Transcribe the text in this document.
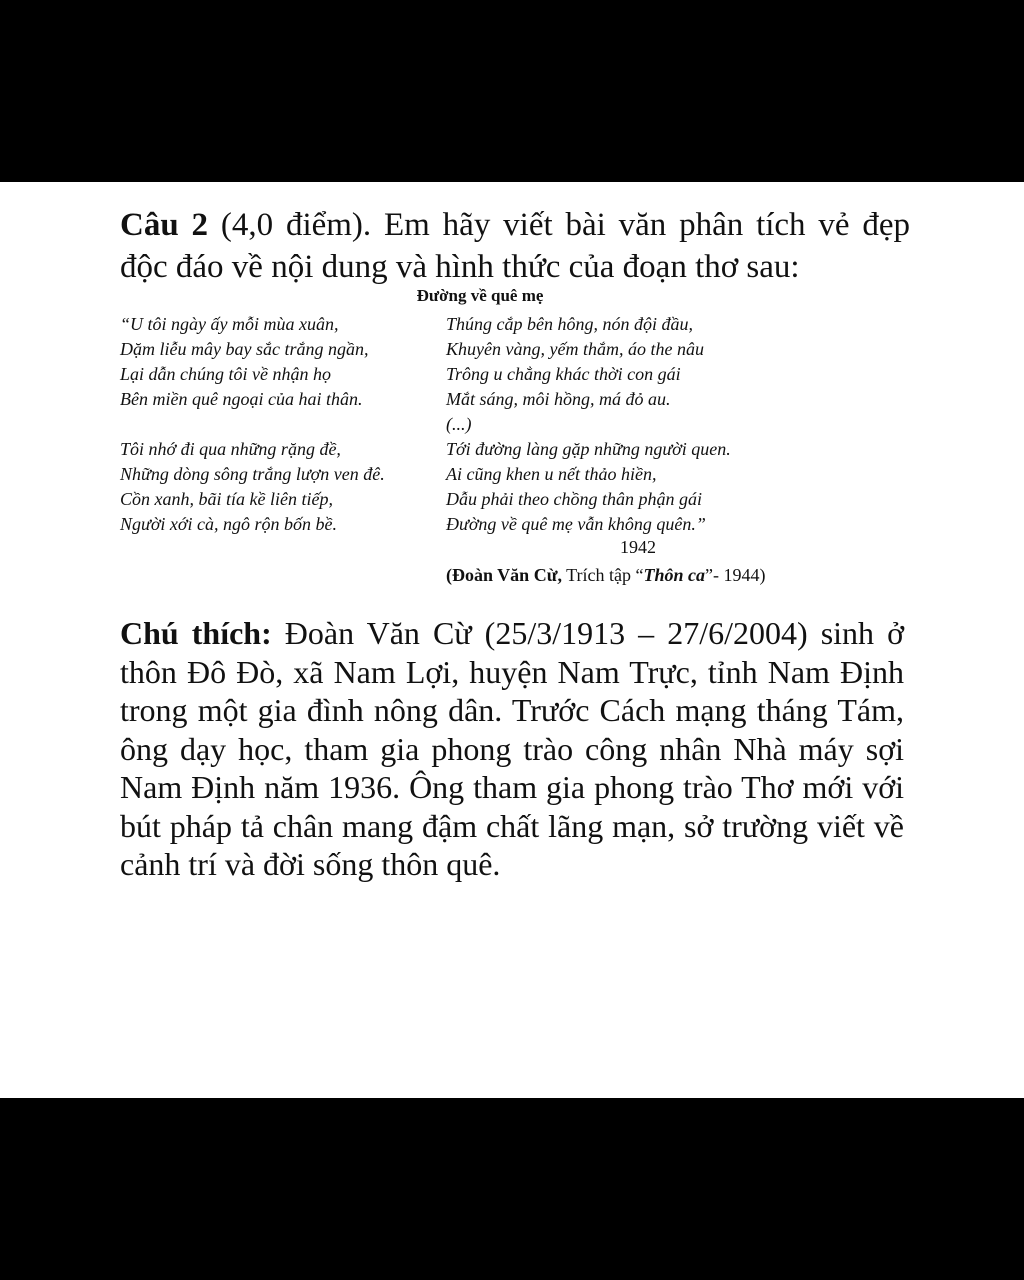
Câu 2 (4,0 điểm). Em hãy viết bài văn phân tích vẻ đẹp độc đáo về nội dung và hình thức của đoạn thơ sau:

Đường về quê mẹ

“U tôi ngày ấy mỗi mùa xuân,
Dặm liễu mây bay sắc trắng ngần,
Lại dẫn chúng tôi về nhận họ
Bên miền quê ngoại của hai thân.
Tôi nhớ đi qua những rặng đề,
Những dòng sông trắng lượn ven đê.
Cồn xanh, bãi tía kề liên tiếp,
Người xới cà, ngô rộn bốn bề.
Thúng cắp bên hông, nón đội đầu,
Khuyên vàng, yếm thắm, áo the nâu
Trông u chẳng khác thời con gái
Mắt sáng, môi hồng, má đỏ au.
(...)
Tới đường làng gặp những người quen.
Ai cũng khen u nết thảo hiền,
Dẫu phải theo chồng thân phận gái
Đường về quê mẹ vẫn không quên.”
1942

(Đoàn Văn Cừ, Trích tập “Thôn ca”- 1944)

Chú thích: Đoàn Văn Cừ (25/3/1913 – 27/6/2004) sinh ở thôn Đô Đò, xã Nam Lợi, huyện Nam Trực, tỉnh Nam Định trong một gia đình nông dân. Trước Cách mạng tháng Tám, ông dạy học, tham gia phong trào công nhân Nhà máy sợi Nam Định năm 1936. Ông tham gia phong trào Thơ mới với bút pháp tả chân mang đậm chất lãng mạn, sở trường viết về cảnh trí và đời sống thôn quê.
